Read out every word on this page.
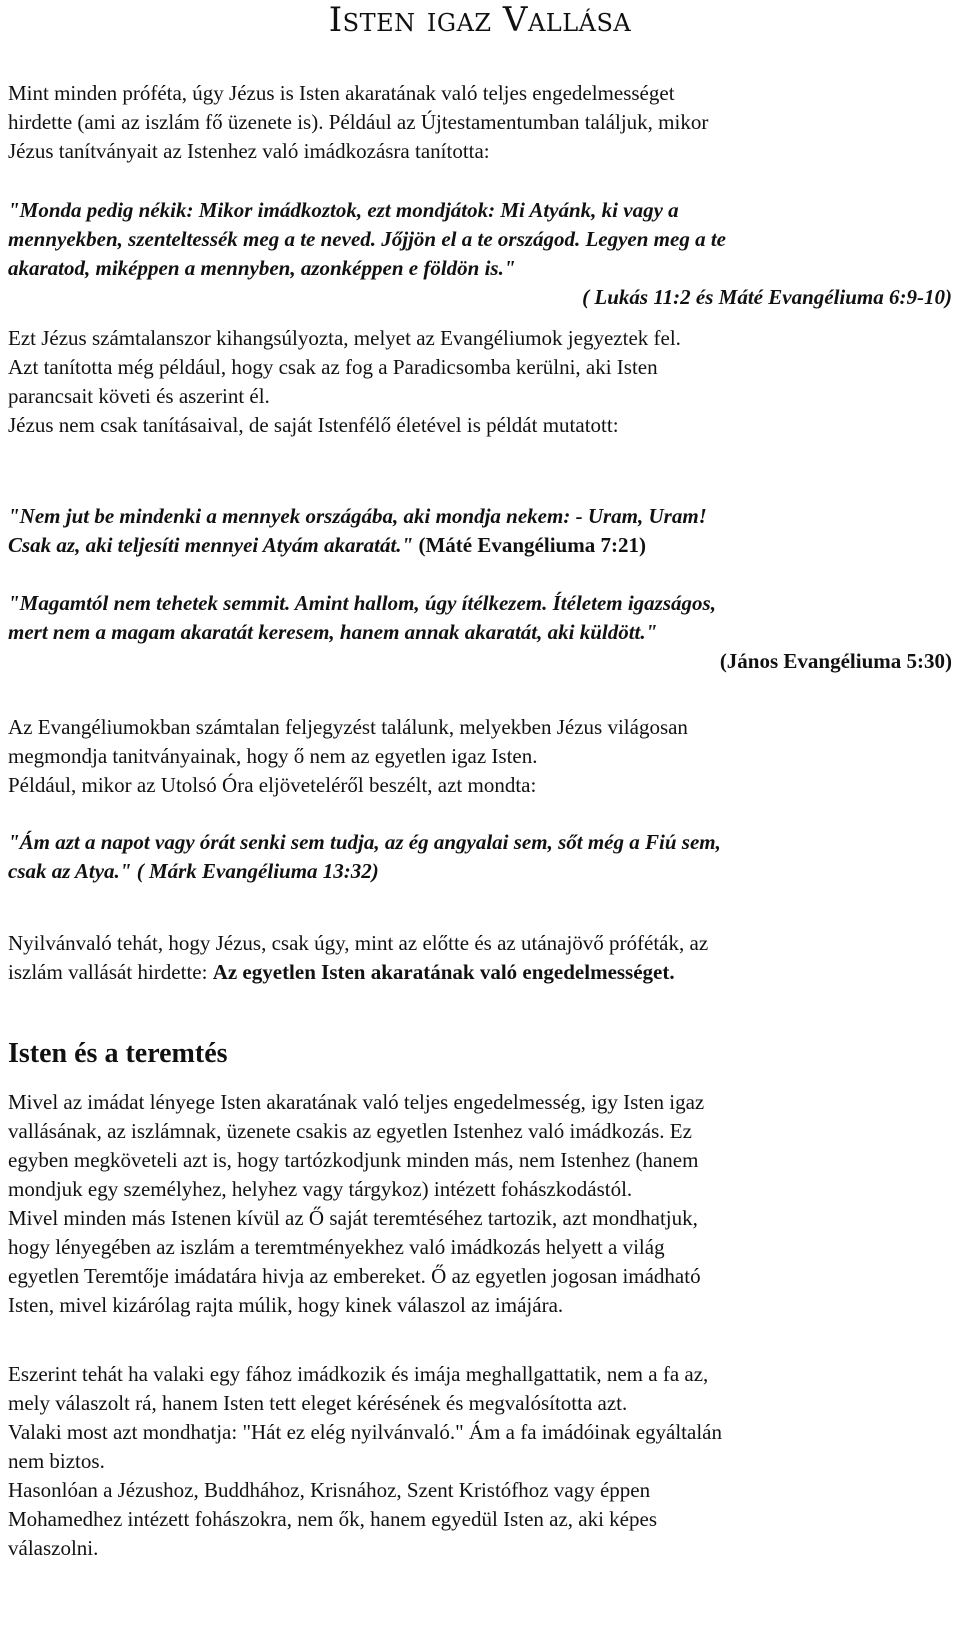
Isten igaz Vallása
Mint minden próféta, úgy Jézus is Isten akaratának való teljes engedelmességet
hirdette (ami az iszlám fő üzenete is). Például az Újtestamentumban találjuk, mikor
Jézus tanítványait az Istenhez való imádkozásra tanította:
"Monda pedig nékik: Mikor imádkoztok, ezt mondjátok: Mi Atyánk, ki vagy a
mennyekben, szenteltessék meg a te neved. Jőjjön el a te országod. Legyen meg a te
akaratod, miképpen a mennyben, azonképpen e földön is."
( Lukás 11:2 és Máté Evangéliuma 6:9-10)
Ezt Jézus számtalanszor kihangsúlyozta, melyet az Evangéliumok jegyeztek fel.
Azt tanította még például, hogy csak az fog a Paradicsomba kerülni, aki Isten
parancsait követi és aszerint él.
Jézus nem csak tanításaival, de saját Istenfélő életével is példát mutatott:
"Nem jut be mindenki a mennyek országába, aki mondja nekem: - Uram, Uram!
Csak az, aki teljesíti mennyei Atyám akaratát." (Máté Evangéliuma 7:21)
"Magamtól nem tehetek semmit. Amint hallom, úgy ítélkezem. Ítéletem igazságos,
mert nem a magam akaratát keresem, hanem annak akaratát, aki küldött."
(János Evangéliuma 5:30)
Az Evangéliumokban számtalan feljegyzést találunk, melyekben Jézus világosan
megmondja tanitványainak, hogy ő nem az egyetlen igaz Isten.
Például, mikor az Utolsó Óra eljöveteléről beszélt, azt mondta:
"Ám azt a napot vagy órát senki sem tudja, az ég angyalai sem, sőt még a Fiú sem,
csak az Atya." ( Márk Evangéliuma 13:32)
Nyilvánvaló tehát, hogy Jézus, csak úgy, mint az előtte és az utánajövő próféták, az
iszlám vallását hirdette: Az egyetlen Isten akaratának való engedelmességet.
Isten és a teremtés
Mivel az imádat lényege Isten akaratának való teljes engedelmesség, igy Isten igaz
vallásának, az iszlámnak, üzenete csakis az egyetlen Istenhez való imádkozás. Ez
egyben megköveteli azt is, hogy tartózkodjunk minden más, nem Istenhez (hanem
mondjuk egy személyhez, helyhez vagy tárgykoz) intézett fohászkodástól.
Mivel minden más Istenen kívül az Ő saját teremtéséhez tartozik, azt mondhatjuk,
hogy lényegében az iszlám a teremtményekhez való imádkozás helyett a világ
egyetlen Teremtője imádatára hivja az embereket. Ő az egyetlen jogosan imádható
Isten, mivel kizárólag rajta múlik, hogy kinek válaszol az imájára.
Eszerint tehát ha valaki egy fához imádkozik és imája meghallgattatik, nem a fa az,
mely válaszolt rá, hanem Isten tett eleget kérésének és megvalósította azt.
Valaki most azt mondhatja: "Hát ez elég nyilvánvaló." Ám a fa imádóinak egyáltalán
nem biztos.
Hasonlóan a Jézushoz, Buddhához, Krisnához, Szent Kristófhoz vagy éppen
Mohamedhez intézett fohászokra, nem ők, hanem egyedül Isten az, aki képes
válaszolni.
